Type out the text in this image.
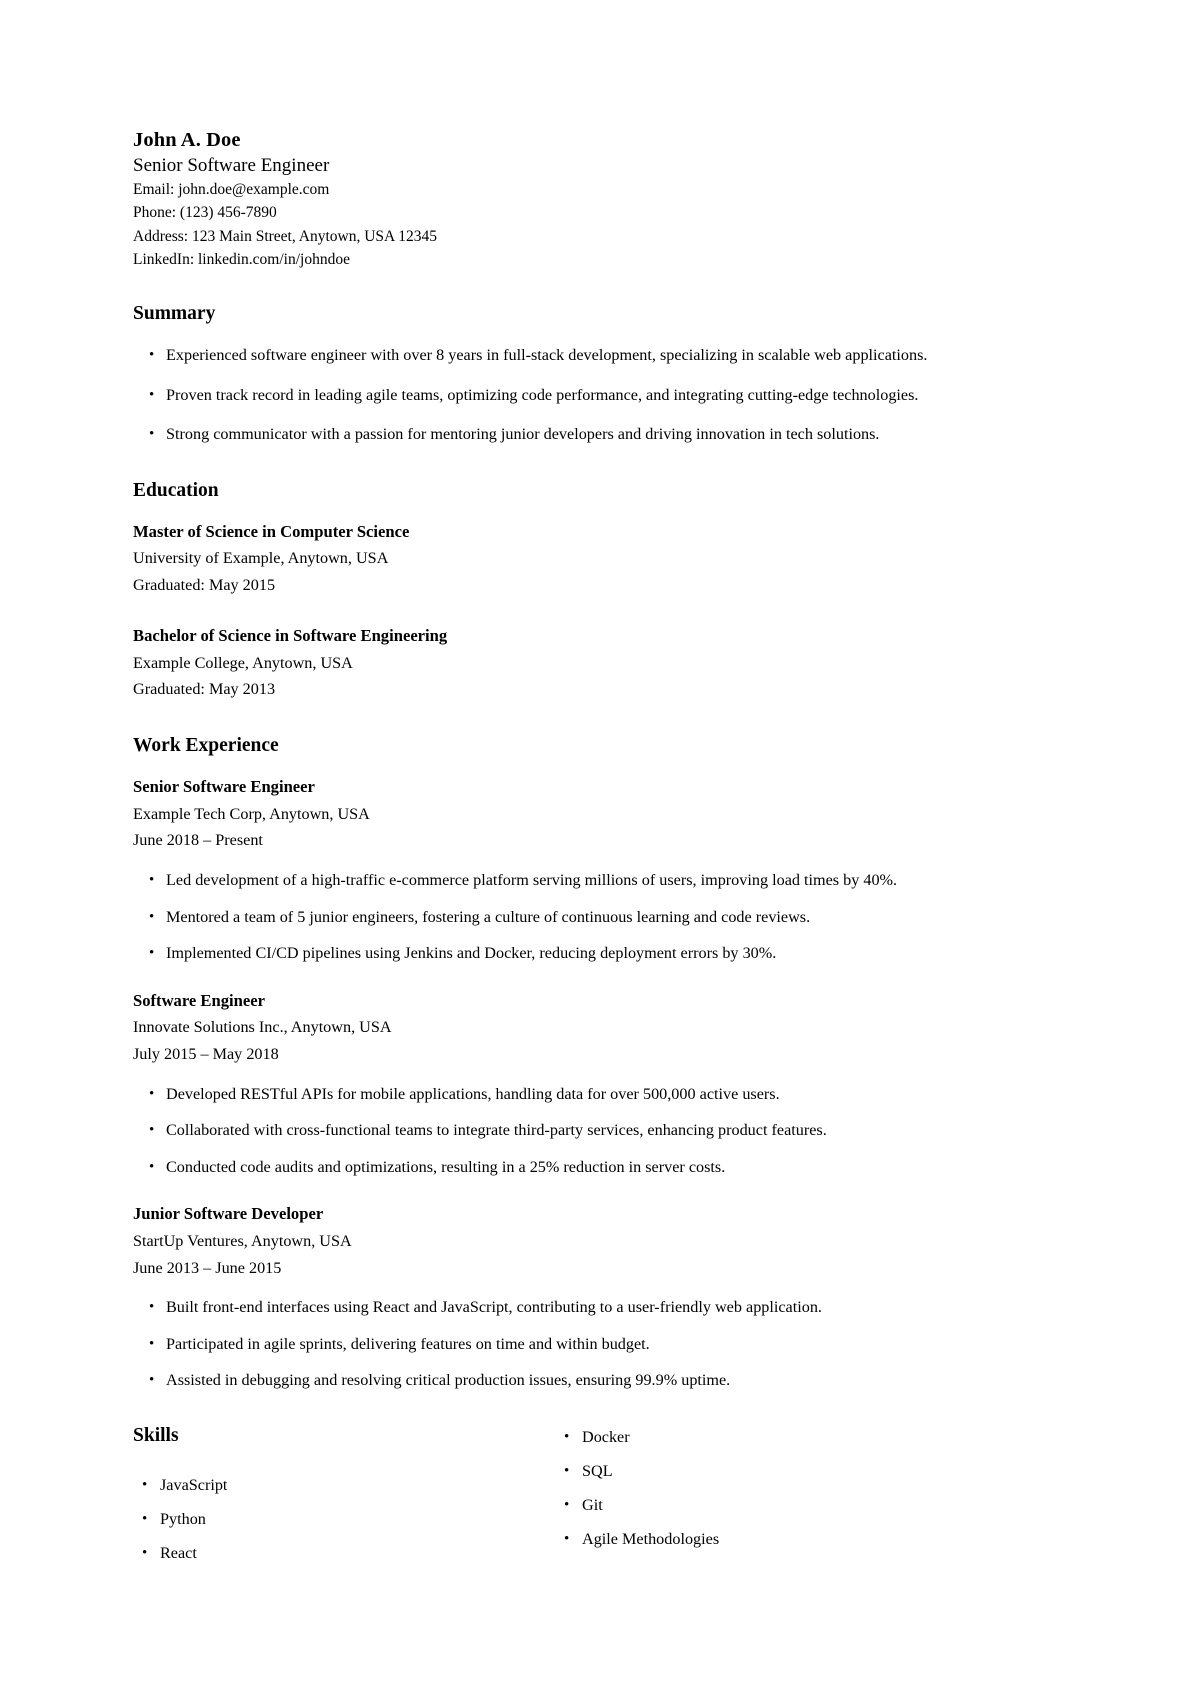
John A. Doe
Senior Software Engineer
Email: john.doe@example.com
Phone: (123) 456-7890
Address: 123 Main Street, Anytown, USA 12345
LinkedIn: linkedin.com/in/johndoe
Summary
• Experienced software engineer with over 8 years in full-stack development, specializing in scalable web applications.
• Proven track record in leading agile teams, optimizing code performance, and integrating cutting-edge technologies.
• Strong communicator with a passion for mentoring junior developers and driving innovation in tech solutions.
Education
Master of Science in Computer Science
University of Example, Anytown, USA
Graduated: May 2015
Bachelor of Science in Software Engineering
Example College, Anytown, USA
Graduated: May 2013
Work Experience
Senior Software Engineer
Example Tech Corp, Anytown, USA
June 2018 – Present
• Led development of a high-traffic e-commerce platform serving millions of users, improving load times by 40%.
• Mentored a team of 5 junior engineers, fostering a culture of continuous learning and code reviews.
• Implemented CI/CD pipelines using Jenkins and Docker, reducing deployment errors by 30%.
Software Engineer
Innovate Solutions Inc., Anytown, USA
July 2015 – May 2018
• Developed RESTful APIs for mobile applications, handling data for over 500,000 active users.
• Collaborated with cross-functional teams to integrate third-party services, enhancing product features.
• Conducted code audits and optimizations, resulting in a 25% reduction in server costs.
Junior Software Developer
StartUp Ventures, Anytown, USA
June 2013 – June 2015
• Built front-end interfaces using React and JavaScript, contributing to a user-friendly web application.
• Participated in agile sprints, delivering features on time and within budget.
• Assisted in debugging and resolving critical production issues, ensuring 99.9% uptime.
Skills
• JavaScript
• Python
• React
• Docker
• SQL
• Git
• Agile Methodologies
